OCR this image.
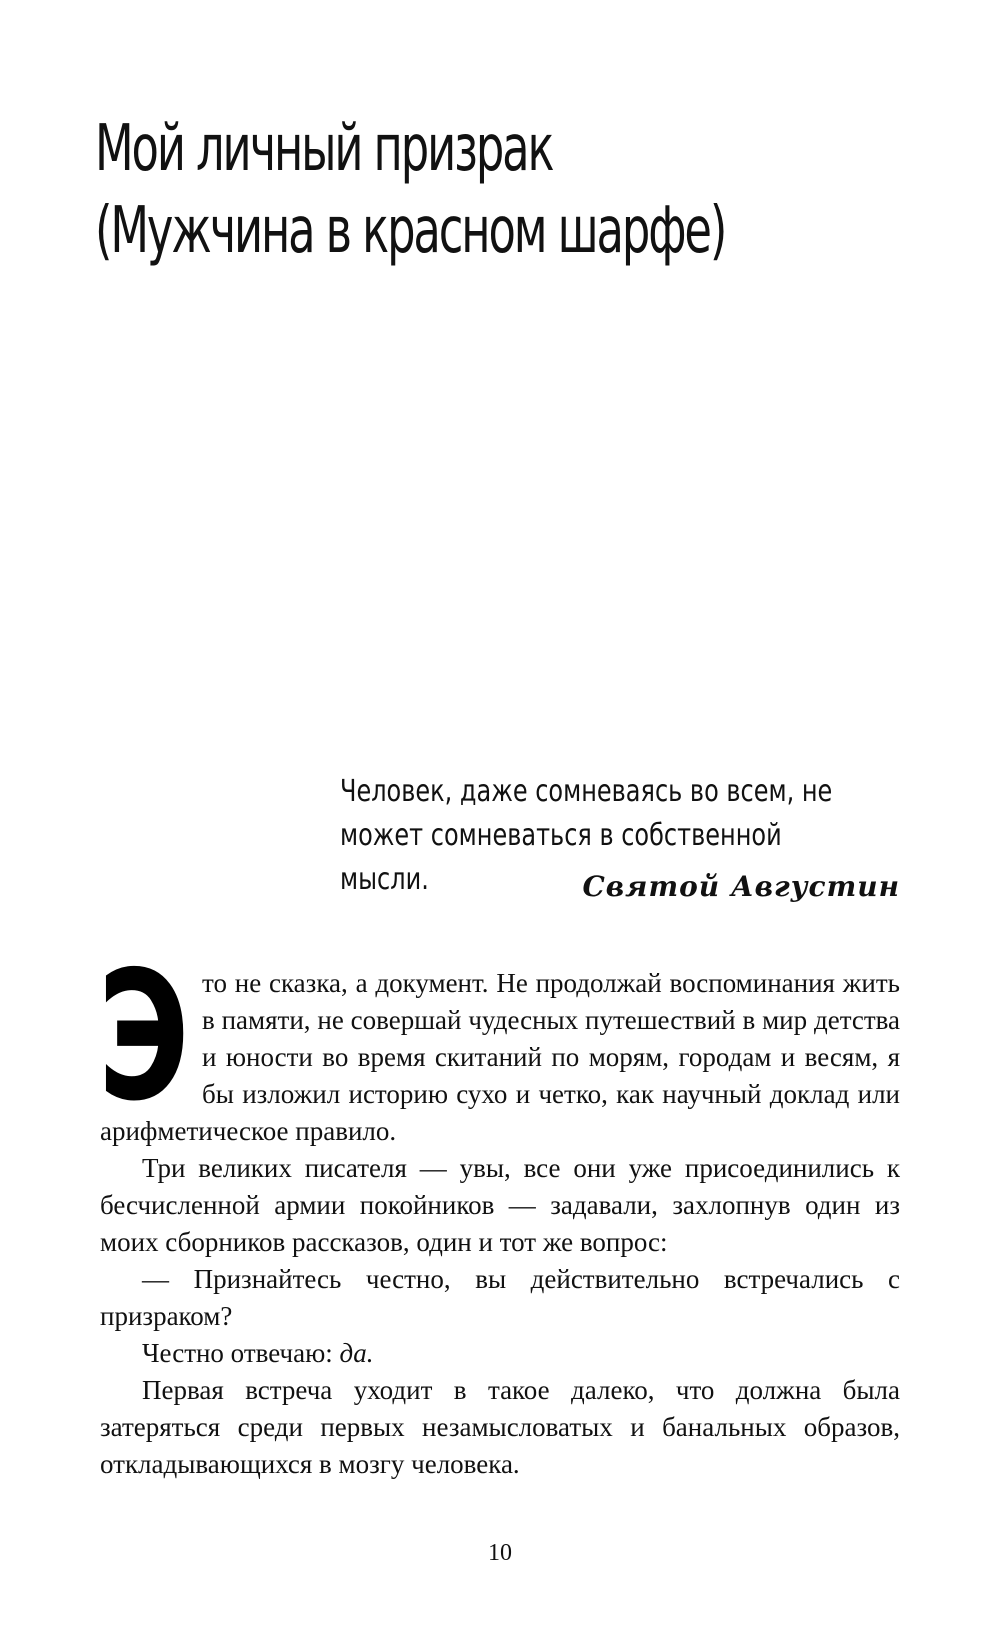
Мой личный призрак
(Мужчина в красном шарфе)

Человек, даже сомневаясь во всем, не может сомневаться в собственной мысли.	Святой Августин

Это не сказка, а документ. Не продолжай воспоминания жить в памяти, не совершай чудесных путешествий в мир детства и юности во время скитаний по морям, городам и весям, я бы изложил историю сухо и четко, как научный доклад или арифметическое правило.

Три великих писателя — увы, все они уже присоединились к бесчисленной армии покойников — задавали, захлопнув один из моих сборников рассказов, один и тот же вопрос:

— Признайтесь честно, вы действительно встречались с призраком?

Честно отвечаю: да.

Первая встреча уходит в такое далеко, что должна была затеряться среди первых незамысловатых и банальных образов, откладывающихся в мозгу человека.

10
